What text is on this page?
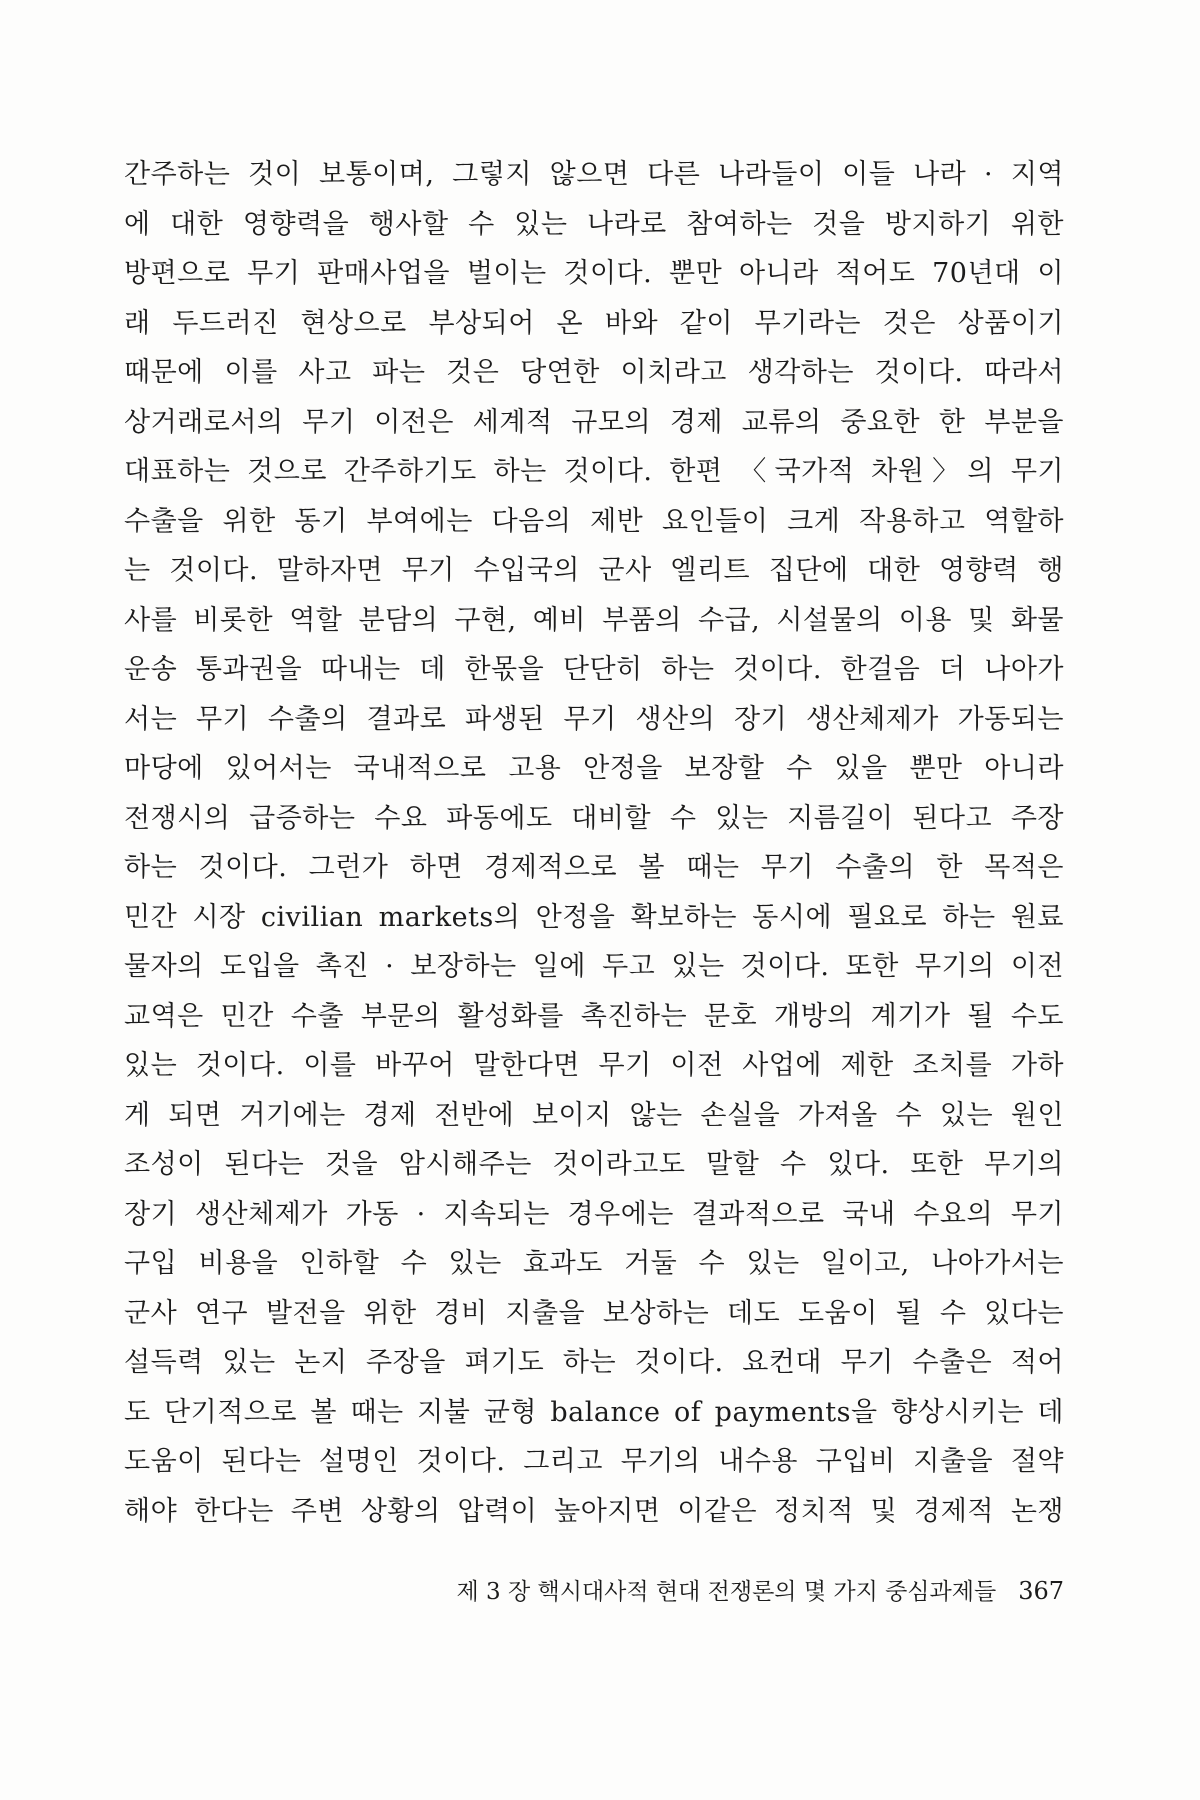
간주하는 것이 보통이며, 그렇지 않으면 다른 나라들이 이들 나라 · 지역
에 대한 영향력을 행사할 수 있는 나라로 참여하는 것을 방지하기 위한
방편으로 무기 판매사업을 벌이는 것이다. 뿐만 아니라 적어도 70년대 이
래 두드러진 현상으로 부상되어 온 바와 같이 무기라는 것은 상품이기
때문에 이를 사고 파는 것은 당연한 이치라고 생각하는 것이다. 따라서
상거래로서의 무기 이전은 세계적 규모의 경제 교류의 중요한 한 부분을
대표하는 것으로 간주하기도 하는 것이다. 한편 〈국가적 차원〉의 무기
수출을 위한 동기 부여에는 다음의 제반 요인들이 크게 작용하고 역할하
는 것이다. 말하자면 무기 수입국의 군사 엘리트 집단에 대한 영향력 행
사를 비롯한 역할 분담의 구현, 예비 부품의 수급, 시설물의 이용 및 화물
운송 통과권을 따내는 데 한몫을 단단히 하는 것이다. 한걸음 더 나아가
서는 무기 수출의 결과로 파생된 무기 생산의 장기 생산체제가 가동되는
마당에 있어서는 국내적으로 고용 안정을 보장할 수 있을 뿐만 아니라
전쟁시의 급증하는 수요 파동에도 대비할 수 있는 지름길이 된다고 주장
하는 것이다. 그런가 하면 경제적으로 볼 때는 무기 수출의 한 목적은
민간 시장 civilian markets의 안정을 확보하는 동시에 필요로 하는 원료
물자의 도입을 촉진 · 보장하는 일에 두고 있는 것이다. 또한 무기의 이전
교역은 민간 수출 부문의 활성화를 촉진하는 문호 개방의 계기가 될 수도
있는 것이다. 이를 바꾸어 말한다면 무기 이전 사업에 제한 조치를 가하
게 되면 거기에는 경제 전반에 보이지 않는 손실을 가져올 수 있는 원인
조성이 된다는 것을 암시해주는 것이라고도 말할 수 있다. 또한 무기의
장기 생산체제가 가동 · 지속되는 경우에는 결과적으로 국내 수요의 무기
구입 비용을 인하할 수 있는 효과도 거둘 수 있는 일이고, 나아가서는
군사 연구 발전을 위한 경비 지출을 보상하는 데도 도움이 될 수 있다는
설득력 있는 논지 주장을 펴기도 하는 것이다. 요컨대 무기 수출은 적어
도 단기적으로 볼 때는 지불 균형 balance of payments을 향상시키는 데
도움이 된다는 설명인 것이다. 그리고 무기의 내수용 구입비 지출을 절약
해야 한다는 주변 상황의 압력이 높아지면 이같은 정치적 및 경제적 논쟁
제 3 장 핵시대사적 현대 전쟁론의 몇 가지 중심과제들 367
